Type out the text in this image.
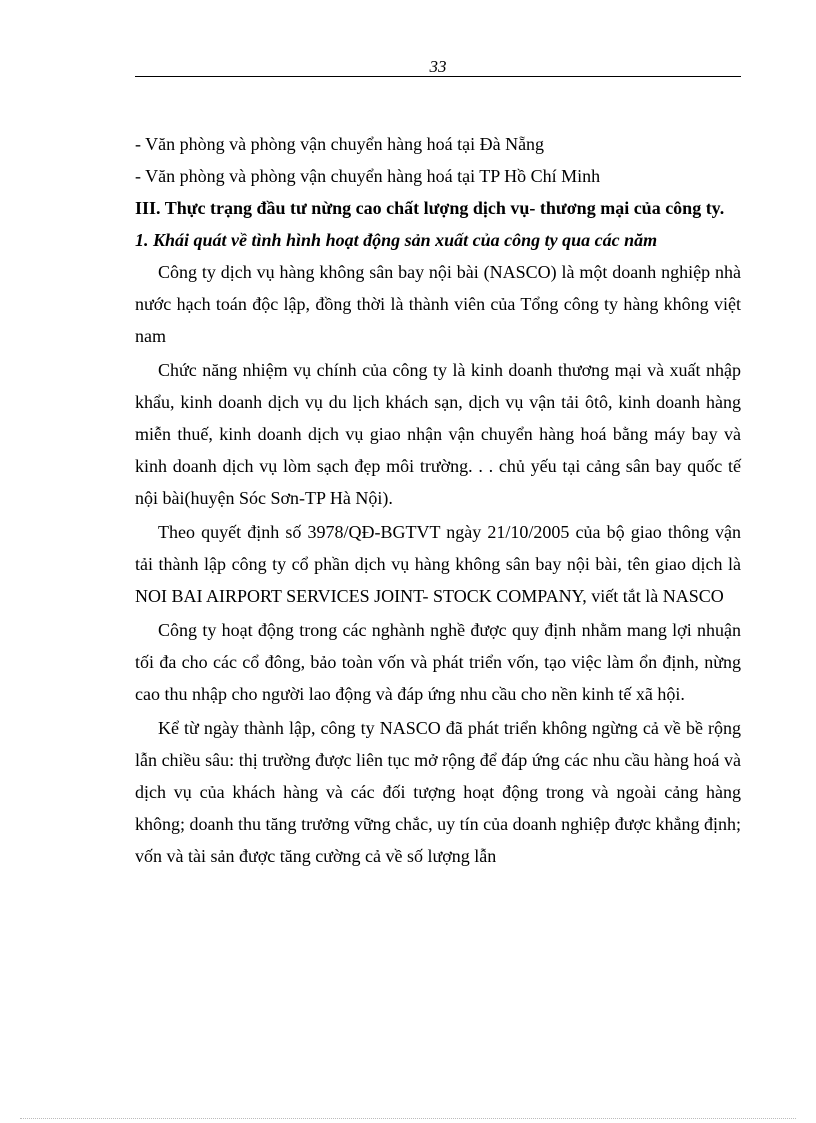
33

- Văn phòng và phòng vận chuyển hàng hoá tại Đà Nẵng

- Văn phòng và phòng vận chuyển hàng hoá tại TP Hồ Chí Minh

III. Thực trạng đầu tư nừng cao chất lượng dịch vụ- thương mại của công ty.

1. Khái quát về tình hình hoạt động sản xuất của công ty qua các năm

Công ty dịch vụ hàng không sân bay nội bài (NASCO) là một doanh nghiệp nhà nước hạch toán độc lập, đồng thời là thành viên của Tổng công ty hàng không việt nam

Chức năng nhiệm vụ chính của công ty là kinh doanh thương mại và xuất nhập khẩu, kinh doanh dịch vụ du lịch khách sạn, dịch vụ vận tải ôtô, kinh doanh hàng miễn thuế, kinh doanh dịch vụ giao nhận vận chuyển hàng hoá bằng máy bay và kinh doanh dịch vụ lòm sạch đẹp môi trường. . . chủ yếu tại cảng sân bay quốc tế nội bài(huyện Sóc Sơn-TP Hà Nội).

Theo quyết định số 3978/QĐ-BGTVT ngày 21/10/2005 của bộ giao thông vận tải thành lập công ty cổ phần dịch vụ hàng không sân bay nội bài, tên giao dịch là NOI BAI AIRPORT SERVICES JOINT- STOCK COMPANY, viết tắt là NASCO

Công ty hoạt động trong các nghành nghề được quy định nhằm mang lợi nhuận tối đa cho các cổ đông, bảo toàn vốn và phát triển vốn, tạo việc làm ổn định, nừng cao thu nhập cho người lao động và đáp ứng nhu cầu cho nền kinh tế xã hội.

Kể từ ngày thành lập, công ty NASCO đã phát triển không ngừng cả về bề rộng lẫn chiều sâu: thị trường được liên tục mở rộng để đáp ứng các nhu cầu hàng hoá và dịch vụ của khách hàng và các đối tượng hoạt động trong và ngoài cảng hàng không; doanh thu tăng trưởng vững chắc, uy tín của doanh nghiệp được khẳng định; vốn và tài sản được tăng cường cả về số lượng lẫn
